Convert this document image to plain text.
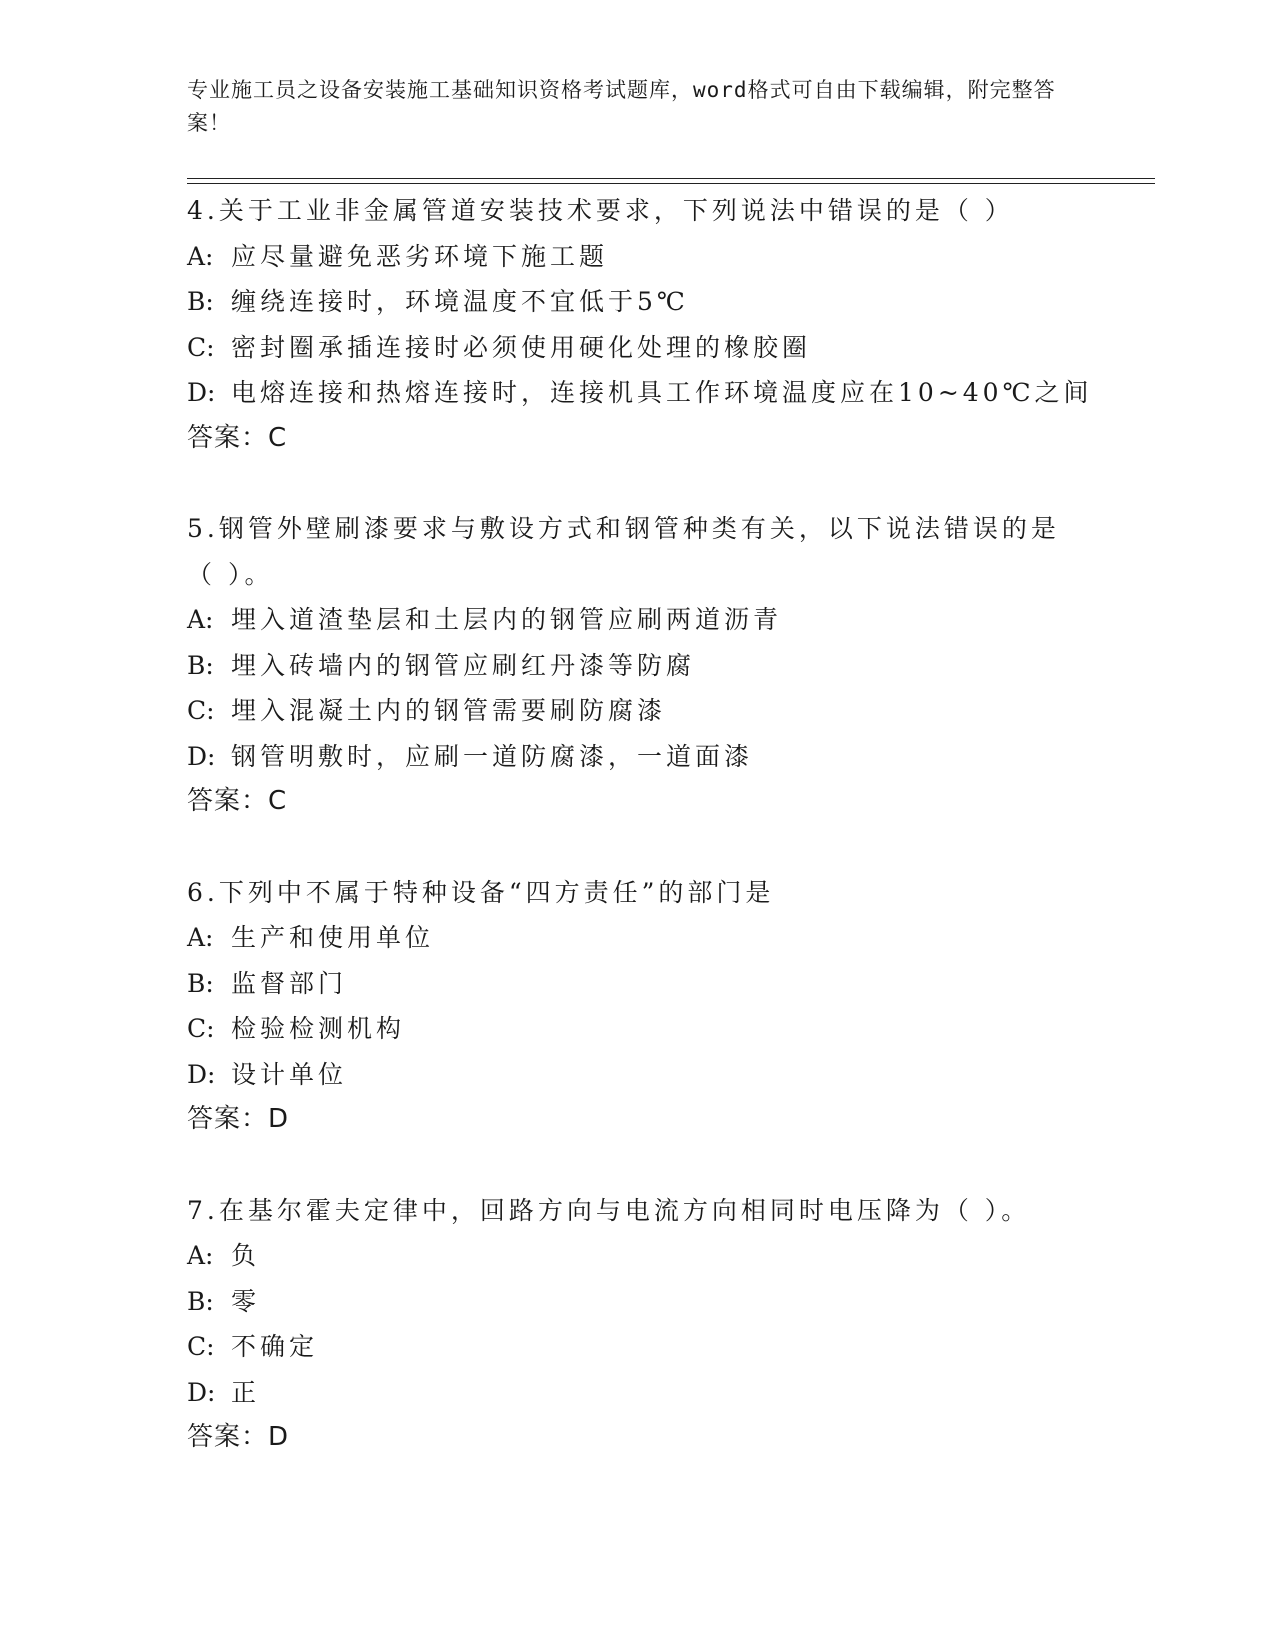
专业施工员之设备安装施工基础知识资格考试题库，word格式可自由下载编辑，附完整答案！
4.关于工业非金属管道安装技术要求，下列说法中错误的是（ ）
A: 应尽量避免恶劣环境下施工题
B: 缠绕连接时，环境温度不宜低于5℃
C: 密封圈承插连接时必须使用硬化处理的橡胶圈
D: 电熔连接和热熔连接时，连接机具工作环境温度应在10~40℃之间
答案：C
5.钢管外壁刷漆要求与敷设方式和钢管种类有关，以下说法错误的是（ ）。
A: 埋入道渣垫层和土层内的钢管应刷两道沥青
B: 埋入砖墙内的钢管应刷红丹漆等防腐
C: 埋入混凝土内的钢管需要刷防腐漆
D: 钢管明敷时，应刷一道防腐漆，一道面漆
答案：C
6.下列中不属于特种设备“四方责任”的部门是
A: 生产和使用单位
B: 监督部门
C: 检验检测机构
D: 设计单位
答案：D
7.在基尔霍夫定律中，回路方向与电流方向相同时电压降为（ ）。
A: 负
B: 零
C: 不确定
D: 正
答案：D
